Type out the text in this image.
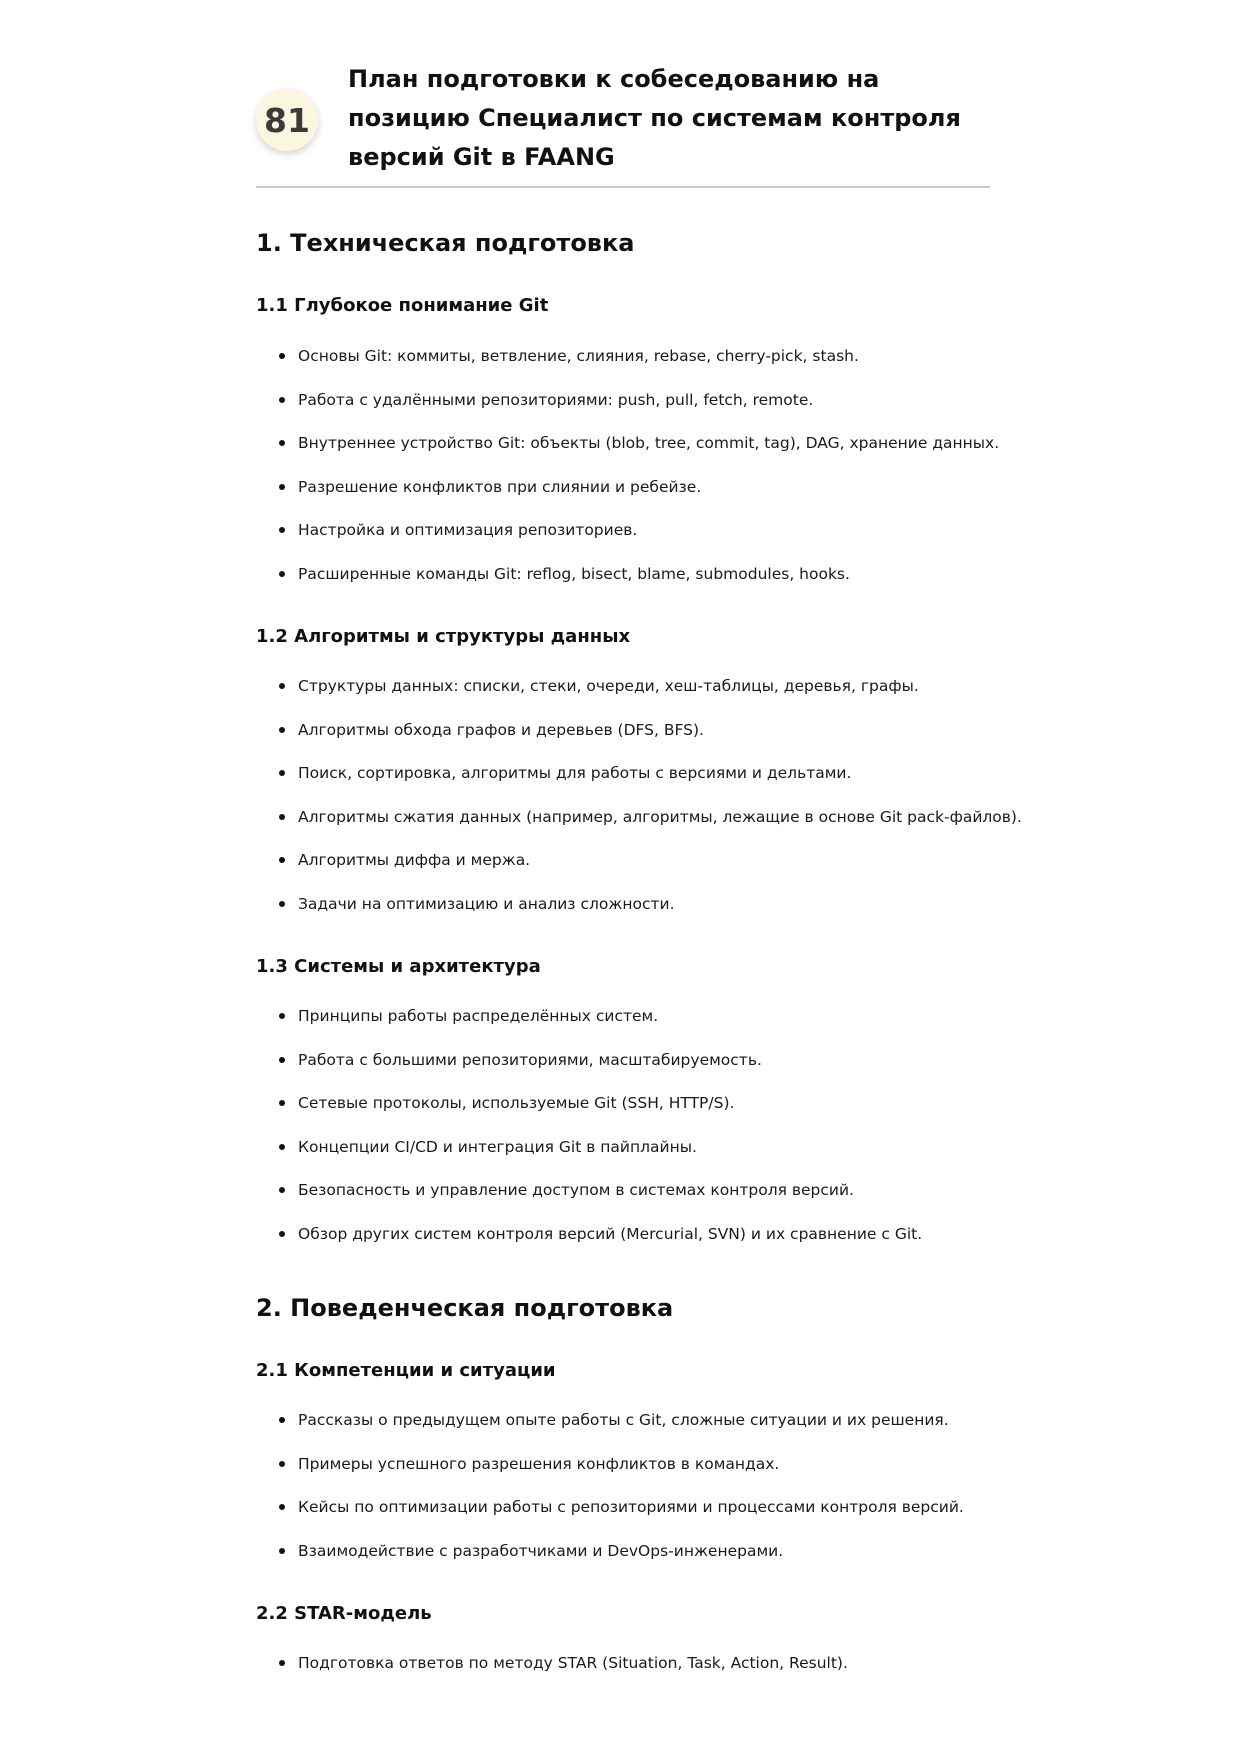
81
План подготовки к собеседованию на позицию Специалист по системам контроля версий Git в FAANG
1. Техническая подготовка
1.1 Глубокое понимание Git
Основы Git: коммиты, ветвление, слияния, rebase, cherry-pick, stash.
Работа с удалёнными репозиториями: push, pull, fetch, remote.
Внутреннее устройство Git: объекты (blob, tree, commit, tag), DAG, хранение данных.
Разрешение конфликтов при слиянии и ребейзе.
Настройка и оптимизация репозиториев.
Расширенные команды Git: reflog, bisect, blame, submodules, hooks.
1.2 Алгоритмы и структуры данных
Структуры данных: списки, стеки, очереди, хеш-таблицы, деревья, графы.
Алгоритмы обхода графов и деревьев (DFS, BFS).
Поиск, сортировка, алгоритмы для работы с версиями и дельтами.
Алгоритмы сжатия данных (например, алгоритмы, лежащие в основе Git pack-файлов).
Алгоритмы диффа и мержа.
Задачи на оптимизацию и анализ сложности.
1.3 Системы и архитектура
Принципы работы распределённых систем.
Работа с большими репозиториями, масштабируемость.
Сетевые протоколы, используемые Git (SSH, HTTP/S).
Концепции CI/CD и интеграция Git в пайплайны.
Безопасность и управление доступом в системах контроля версий.
Обзор других систем контроля версий (Mercurial, SVN) и их сравнение с Git.
2. Поведенческая подготовка
2.1 Компетенции и ситуации
Рассказы о предыдущем опыте работы с Git, сложные ситуации и их решения.
Примеры успешного разрешения конфликтов в командах.
Кейсы по оптимизации работы с репозиториями и процессами контроля версий.
Взаимодействие с разработчиками и DevOps-инженерами.
2.2 STAR-модель
Подготовка ответов по методу STAR (Situation, Task, Action, Result).
